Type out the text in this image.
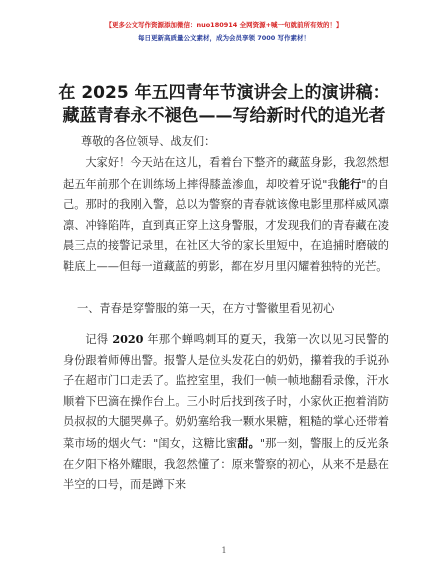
【更多公文写作资源添加微信：nuo180914 全网资源+喊一句就前所有效的！】
每日更新高质量公文素材，成为会员享领 7000 写作素材！
在 2025 年五四青年节演讲会上的演讲稿：藏蓝青春永不褪色——写给新时代的追光者
尊敬的各位领导、战友们：
大家好！今天站在这儿，看着台下整齐的藏蓝身影，我忽然想起五年前那个在训练场上摔得膝盖渗血，却咬着牙说"我能行"的自己。那时的我刚入警，总以为警察的青春就该像电影里那样威风凛凛、冲锋陷阵，直到真正穿上这身警服，才发现我们的青春藏在凌晨三点的接警记录里，在社区大爷的家长里短中，在追捕时磨破的鞋底上——但每一道藏蓝的剪影，都在岁月里闪耀着独特的光芒。
一、青春是穿警服的第一天，在方寸警徽里看见初心
记得 2020 年那个蝉鸣刺耳的夏天，我第一次以见习民警的身份跟着师傅出警。报警人是位头发花白的奶奶，攥着我的手说孙子在超市门口走丢了。监控室里，我们一帧一帧地翻看录像，汗水顺着下巴滴在操作台上。三小时后找到孩子时，小家伙正抱着消防员叔叔的大腿哭鼻子。奶奶塞给我一颗水果糖，粗糙的掌心还带着菜市场的烟火气："闺女，这糖比蜜甜。"那一刻，警服上的反光条在夕阳下格外耀眼，我忽然懂了：原来警察的初心，从来不是悬在半空的口号，而是蹲下来
1
